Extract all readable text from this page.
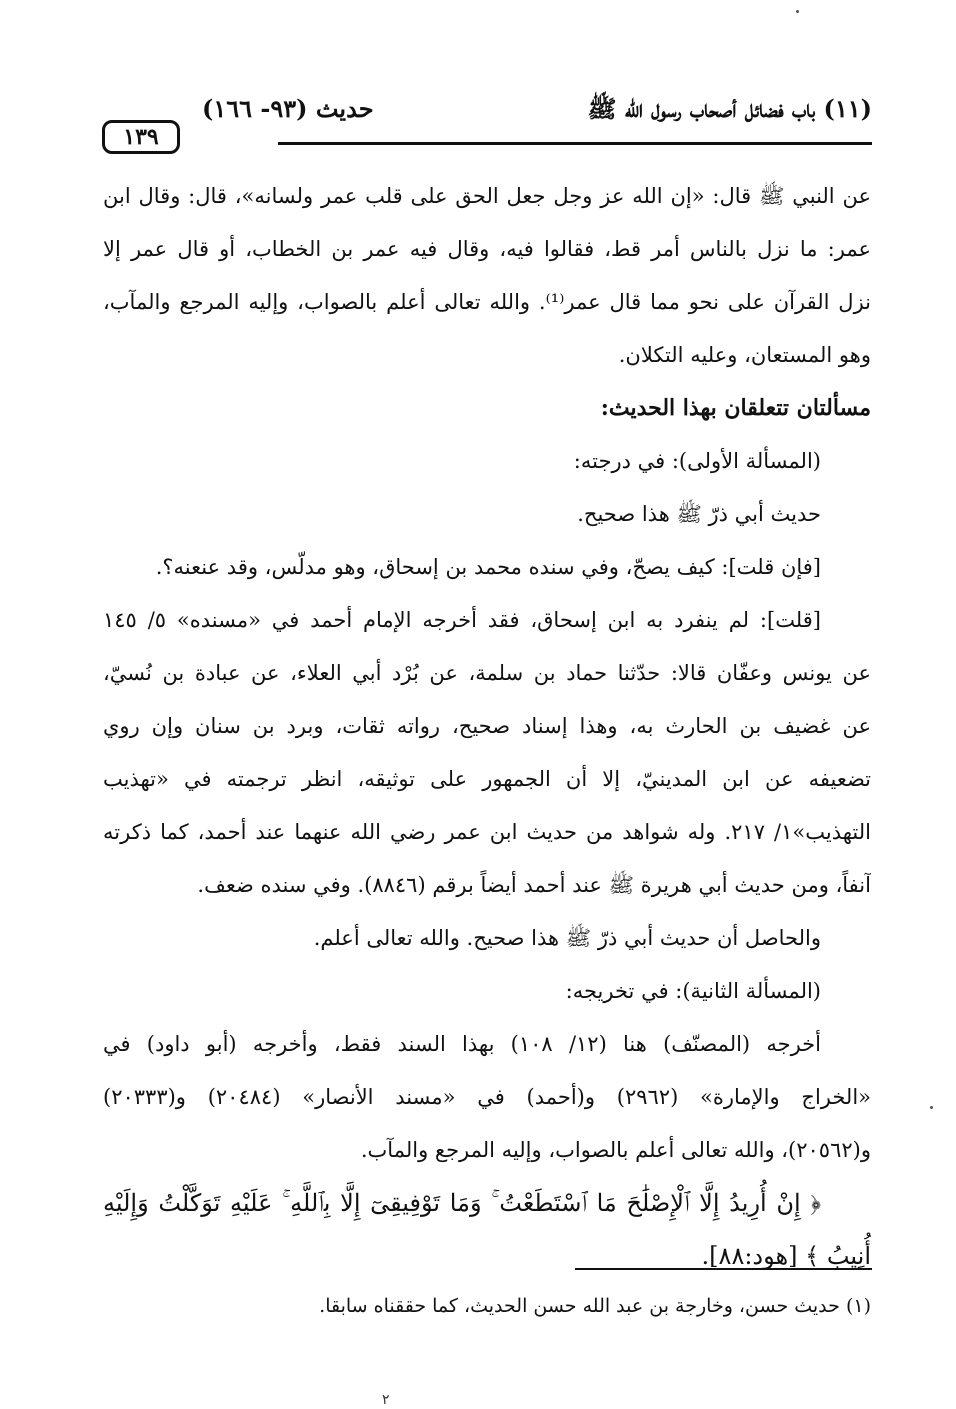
١٣٩
حديث (٩٣- ١٦٦)	(١١) باب فضائل أصحاب رسول الله ﷺ
عن النبي ﷺ قال: «إن الله عز وجل جعل الحق على قلب عمر ولسانه»، قال: وقال ابن
عمر: ما نزل بالناس أمر قط، فقالوا فيه، وقال فيه عمر بن الخطاب، أو قال عمر إلا
نزل القرآن على نحو مما قال عمر⁽¹⁾. والله تعالى أعلم بالصواب، وإليه المرجع والمآب،
وهو المستعان، وعليه التكلان.
مسألتان تتعلقان بهذا الحديث:
(المسألة الأولى): في درجته:
حديث أبي ذرّ ﷺ هذا صحيح.
[فإن قلت]: كيف يصحّ، وفي سنده محمد بن إسحاق، وهو مدلّس، وقد عنعنه؟.
[قلت]: لم ينفرد به ابن إسحاق، فقد أخرجه الإمام أحمد في «مسنده» ٥/ ١٤٥
عن يونس وعفّان قالا: حدّثنا حماد بن سلمة، عن بُرْد أبي العلاء، عن عبادة بن نُسيّ،
عن غضيف بن الحارث به، وهذا إسناد صحيح، رواته ثقات، وبرد بن سنان وإن روي
تضعيفه عن ابن المدينيّ، إلا أن الجمهور على توثيقه، انظر ترجمته في «تهذيب
التهذيب»١/ ٢١٧. وله شواهد من حديث ابن عمر رضي الله عنهما عند أحمد، كما ذكرته
آنفاً، ومن حديث أبي هريرة ﷺ عند أحمد أيضاً برقم (٨٨٤٦). وفي سنده ضعف.
والحاصل أن حديث أبي ذرّ ﷺ هذا صحيح. والله تعالى أعلم.
(المسألة الثانية): في تخريجه:
أخرجه (المصنّف) هنا (١٢/ ١٠٨) بهذا السند فقط، وأخرجه (أبو داود) في
«الخراج والإمارة» (٢٩٦٢) و(أحمد) في «مسند الأنصار» (٢٠٤٨٤) و(٢٠٣٣٣)
و(٢٠٥٦٢)، والله تعالى أعلم بالصواب، وإليه المرجع والمآب.
﴿ إِنْ أُرِيدُ إِلَّا ٱلْإِصْلَٰحَ مَا ٱسْتَطَعْتُ ۚ وَمَا تَوْفِيقِىٓ إِلَّا بِٱللَّهِ ۚ عَلَيْهِ تَوَكَّلْتُ وَإِلَيْهِ
أُنِيبُ ﴾ [هود:٨٨].
(١) حديث حسن، وخارجة بن عبد الله حسن الحديث، كما حققناه سابقا.
٢
